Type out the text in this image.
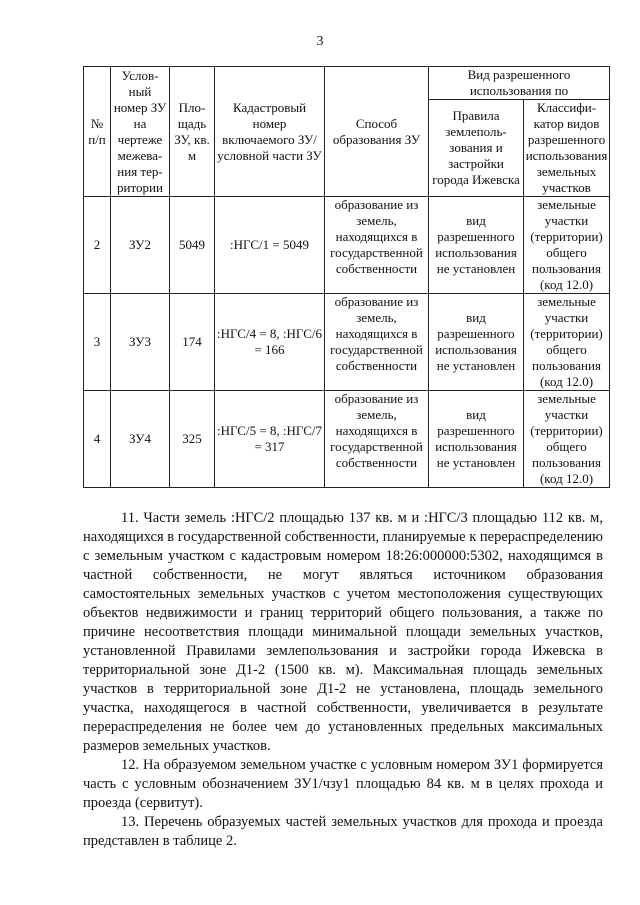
3
№ п/п	Услов-ный номер ЗУ на чертеже межева-ния тер-ритории	Пло-щадь ЗУ, кв. м	Кадастровый номер включаемого ЗУ/условной части ЗУ	Способ образования ЗУ	Вид разрешенного использования по	
					Правила землеполь-зования и застройки города Ижевска	Классифи-катор видов разрешенного использования земельных участков
2	ЗУ2	5049	:НГС/1 = 5049	образование из земель, находящихся в государственной собственности	вид разрешенного использования не установлен	земельные участки (территории) общего пользования (код 12.0)
3	ЗУ3	174	:НГС/4 = 8, :НГС/6 = 166	образование из земель, находящихся в государственной собственности	вид разрешенного использования не установлен	земельные участки (территории) общего пользования (код 12.0)
4	ЗУ4	325	:НГС/5 = 8, :НГС/7 = 317	образование из земель, находящихся в государственной собственности	вид разрешенного использования не установлен	земельные участки (территории) общего пользования (код 12.0)

11. Части земель :НГС/2 площадью 137 кв. м и :НГС/3 площадью 112 кв. м, находящихся в государственной собственности, планируемые к перераспределению с земельным участком с кадастровым номером 18:26:000000:5302, находящимся в частной собственности, не могут являться источником образования самостоятельных земельных участков с учетом местоположения существующих объектов недвижимости и границ территорий общего пользования, а также по причине несоответствия площади минимальной площади земельных участков, установленной Правилами землепользования и застройки города Ижевска в территориальной зоне Д1-2 (1500 кв. м). Максимальная площадь земельных участков в территориальной зоне Д1-2 не установлена, площадь земельного участка, находящегося в частной собственности, увеличивается в результате перераспределения не более чем до установленных предельных максимальных размеров земельных участков.

12. На образуемом земельном участке с условным номером ЗУ1 формируется часть с условным обозначением ЗУ1/чзу1 площадью 84 кв. м в целях прохода и проезда (сервитут).

13. Перечень образуемых частей земельных участков для прохода и проезда представлен в таблице 2.
